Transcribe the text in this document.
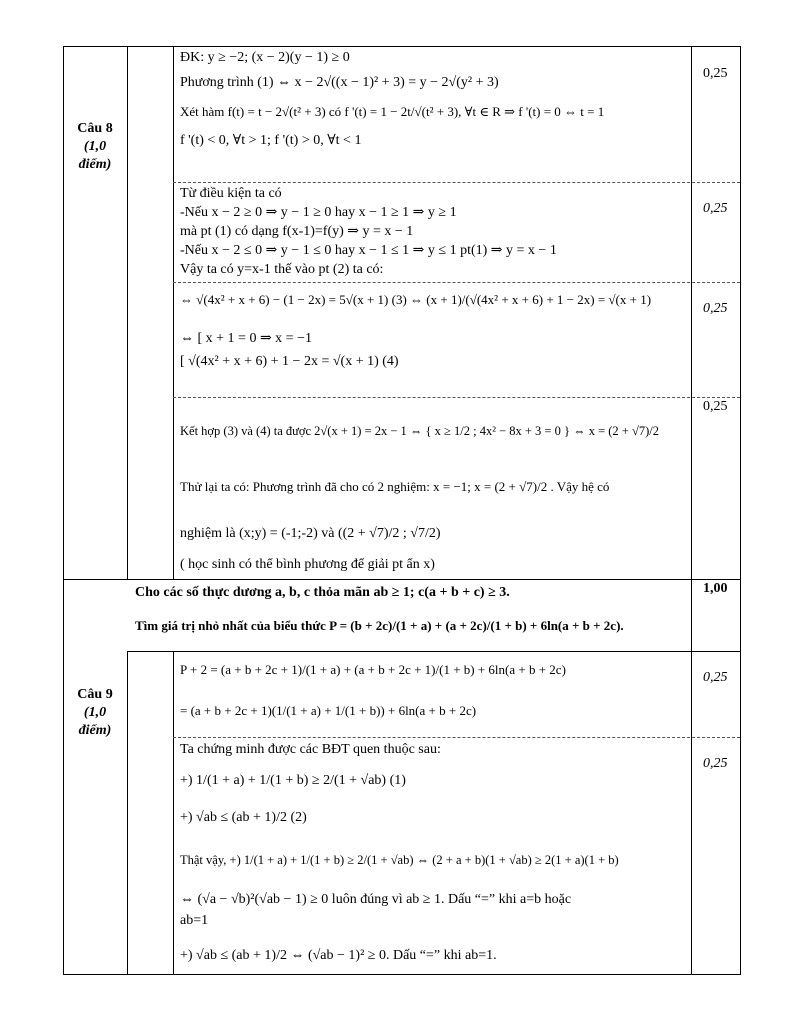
Câu 8
(1,0 điểm)
Câu 9
(1,0 điểm)
0,25
0,25
0,25
0,25
1,00
0,25
0,25
ĐK: y ≥ −2; (x − 2)(y − 1) ≥ 0
Phương trình (1) ⇔ x − 2√((x − 1)² + 3) = y − 2√(y² + 3)
Xét hàm f(t) = t − 2√(t² + 3) có f '(t) = 1 − 2t/√(t² + 3), ∀t ∈ R ⇒ f '(t) = 0 ⇔ t = 1
f '(t) < 0, ∀t > 1; f '(t) > 0, ∀t < 1
Từ điều kiện ta có
-Nếu x − 2 ≥ 0 ⇒ y − 1 ≥ 0 hay x − 1 ≥ 1 ⇒ y ≥ 1
mà pt (1) có dạng f(x-1)=f(y) ⇒ y = x − 1
-Nếu x − 2 ≤ 0 ⇒ y − 1 ≤ 0 hay x − 1 ≤ 1 ⇒ y ≤ 1 pt(1) ⇒ y = x − 1
Vậy ta có y=x-1 thế vào pt (2) ta có:
⇔ √(4x² + x + 6) − (1 − 2x) = 5√(x + 1) (3) ⇔ (x + 1)/(√(4x² + x + 6) + 1 − 2x) = √(x + 1)
⇔ [ x + 1 = 0 ⇒ x = −1
[ √(4x² + x + 6) + 1 − 2x = √(x + 1) (4)
Kết hợp (3) và (4) ta được 2√(x + 1) = 2x − 1 ⇔ { x ≥ 1/2 ; 4x² − 8x + 3 = 0 } ⇔ x = (2 + √7)/2
Thử lại ta có: Phương trình đã cho có 2 nghiệm: x = −1; x = (2 + √7)/2 . Vậy hệ có
nghiệm là (x;y) = (-1;-2) và ((2 + √7)/2 ; √7/2)
( học sinh có thể bình phương để giải pt ẩn x)
Cho các số thực dương a, b, c thỏa mãn ab ≥ 1; c(a + b + c) ≥ 3.
Tìm giá trị nhỏ nhất của biểu thức P = (b + 2c)/(1 + a) + (a + 2c)/(1 + b) + 6ln(a + b + 2c).
P + 2 = (a + b + 2c + 1)/(1 + a) + (a + b + 2c + 1)/(1 + b) + 6ln(a + b + 2c)
= (a + b + 2c + 1)(1/(1 + a) + 1/(1 + b)) + 6ln(a + b + 2c)
Ta chứng minh được các BĐT quen thuộc sau:
+) 1/(1 + a) + 1/(1 + b) ≥ 2/(1 + √ab) (1)
+) √ab ≤ (ab + 1)/2 (2)
Thật vậy, +) 1/(1 + a) + 1/(1 + b) ≥ 2/(1 + √ab) ⇔ (2 + a + b)(1 + √ab) ≥ 2(1 + a)(1 + b)
⇔ (√a − √b)²(√ab − 1) ≥ 0 luôn đúng vì ab ≥ 1. Dấu “=” khi a=b hoặc
ab=1
+) √ab ≤ (ab + 1)/2 ⇔ (√ab − 1)² ≥ 0. Dấu “=” khi ab=1.
